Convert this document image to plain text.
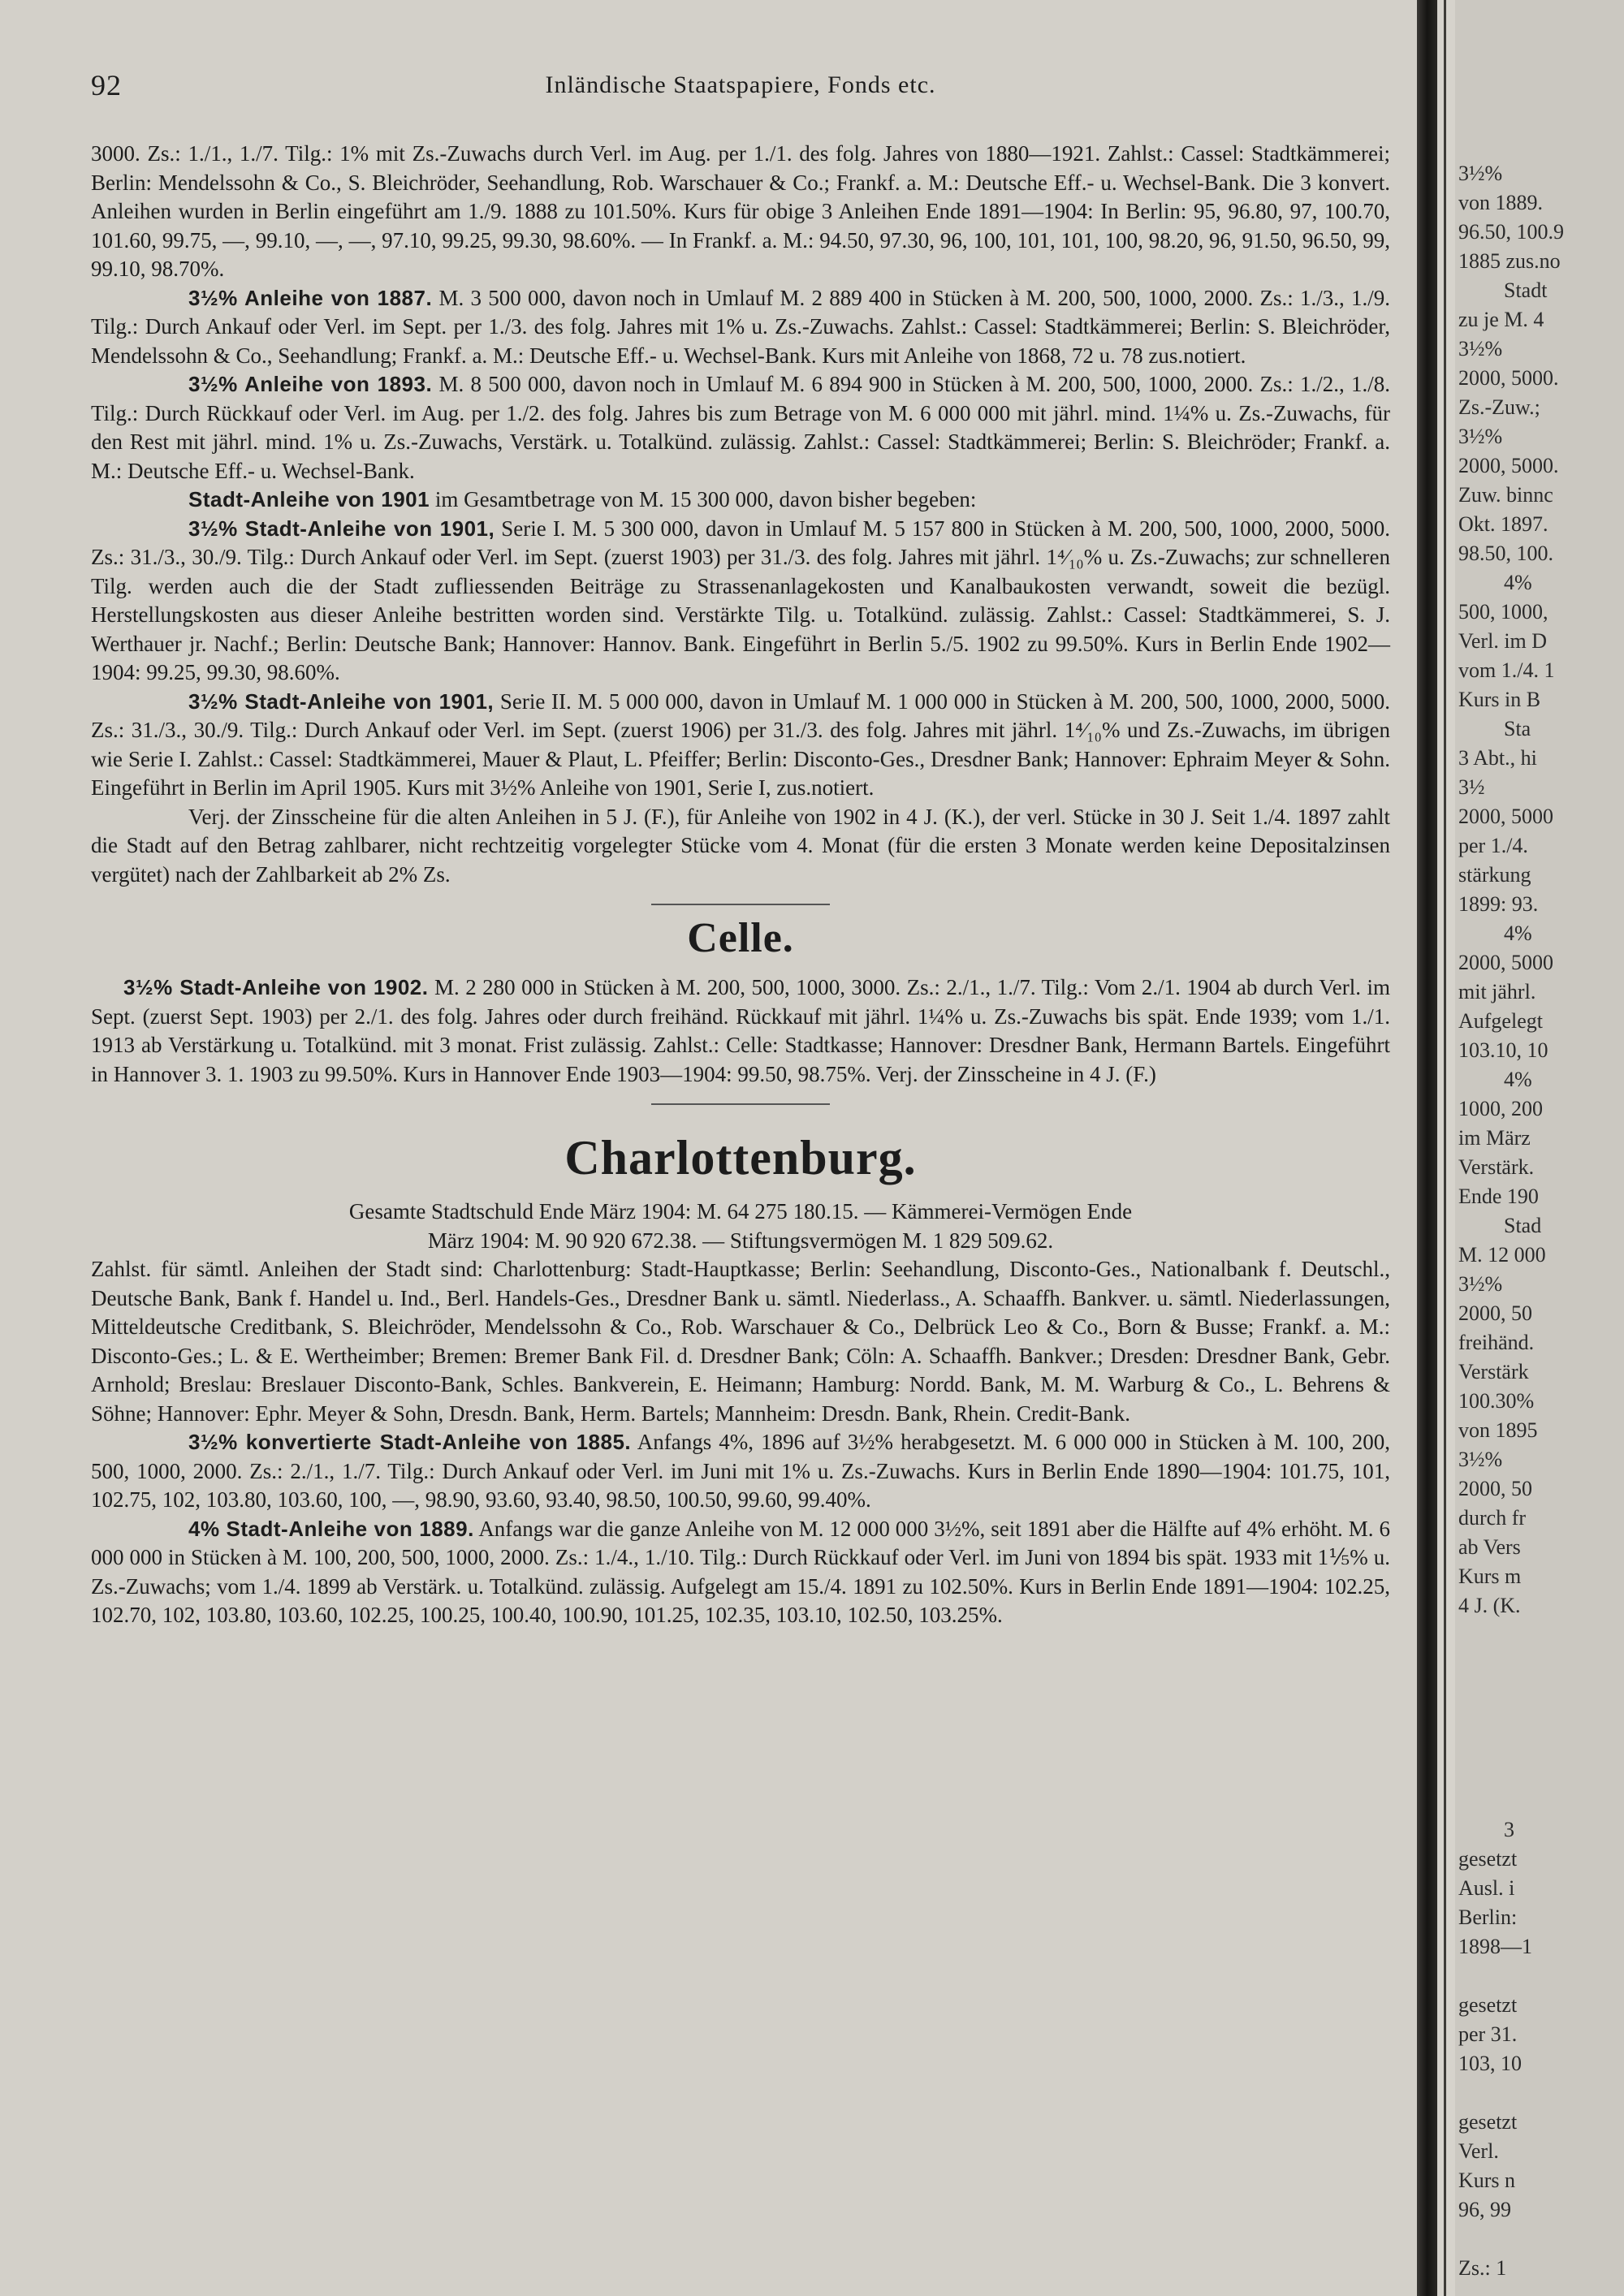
92	Inländische Staatspapiere, Fonds etc.

3000. Zs.: 1./1., 1./7. Tilg.: 1% mit Zs.-Zuwachs durch Verl. im Aug. per 1./1. des folg. Jahres von 1880—1921. Zahlst.: Cassel: Stadtkämmerei; Berlin: Mendelssohn & Co., S. Bleichröder, Seehandlung, Rob. Warschauer & Co.; Frankf. a. M.: Deutsche Eff.- u. Wechsel-Bank. Die 3 konvert. Anleihen wurden in Berlin eingeführt am 1./9. 1888 zu 101.50%. Kurs für obige 3 Anleihen Ende 1891—1904: In Berlin: 95, 96.80, 97, 100.70, 101.60, 99.75, —, 99.10, —, —, 97.10, 99.25, 99.30, 98.60%. — In Frankf. a. M.: 94.50, 97.30, 96, 100, 101, 101, 100, 98.20, 96, 91.50, 96.50, 99, 99.10, 98.70%.

3½% Anleihe von 1887. M. 3 500 000, davon noch in Umlauf M. 2 889 400 in Stücken à M. 200, 500, 1000, 2000. Zs.: 1./3., 1./9. Tilg.: Durch Ankauf oder Verl. im Sept. per 1./3. des folg. Jahres mit 1% u. Zs.-Zuwachs. Zahlst.: Cassel: Stadtkämmerei; Berlin: S. Bleichröder, Mendelssohn & Co., Seehandlung; Frankf. a. M.: Deutsche Eff.- u. Wechsel-Bank. Kurs mit Anleihe von 1868, 72 u. 78 zus.notiert.

3½% Anleihe von 1893. M. 8 500 000, davon noch in Umlauf M. 6 894 900 in Stücken à M. 200, 500, 1000, 2000. Zs.: 1./2., 1./8. Tilg.: Durch Rückkauf oder Verl. im Aug. per 1./2. des folg. Jahres bis zum Betrage von M. 6 000 000 mit jährl. mind. 1¼% u. Zs.-Zuwachs, für den Rest mit jährl. mind. 1% u. Zs.-Zuwachs, Verstärk. u. Totalkünd. zulässig. Zahlst.: Cassel: Stadtkämmerei; Berlin: S. Bleichröder; Frankf. a. M.: Deutsche Eff.- u. Wechsel-Bank.

Stadt-Anleihe von 1901 im Gesamtbetrage von M. 15 300 000, davon bisher begeben:

3½% Stadt-Anleihe von 1901, Serie I. M. 5 300 000, davon in Umlauf M. 5 157 800 in Stücken à M. 200, 500, 1000, 2000, 5000. Zs.: 31./3., 30./9. Tilg.: Durch Ankauf oder Verl. im Sept. (zuerst 1903) per 31./3. des folg. Jahres mit jährl. 1⁴⁄₁₀% u. Zs.-Zuwachs; zur schnelleren Tilg. werden auch die der Stadt zufliessenden Beiträge zu Strassenanlagekosten und Kanalbaukosten verwandt, soweit die bezügl. Herstellungskosten aus dieser Anleihe bestritten worden sind. Verstärkte Tilg. u. Totalkünd. zulässig. Zahlst.: Cassel: Stadtkämmerei, S. J. Werthauer jr. Nachf.; Berlin: Deutsche Bank; Hannover: Hannov. Bank. Eingeführt in Berlin 5./5. 1902 zu 99.50%. Kurs in Berlin Ende 1902—1904: 99.25, 99.30, 98.60%.

3½% Stadt-Anleihe von 1901, Serie II. M. 5 000 000, davon in Umlauf M. 1 000 000 in Stücken à M. 200, 500, 1000, 2000, 5000. Zs.: 31./3., 30./9. Tilg.: Durch Ankauf oder Verl. im Sept. (zuerst 1906) per 31./3. des folg. Jahres mit jährl. 1⁴⁄₁₀% und Zs.-Zuwachs, im übrigen wie Serie I. Zahlst.: Cassel: Stadtkämmerei, Mauer & Plaut, L. Pfeiffer; Berlin: Disconto-Ges., Dresdner Bank; Hannover: Ephraim Meyer & Sohn. Eingeführt in Berlin im April 1905. Kurs mit 3½% Anleihe von 1901, Serie I, zus.notiert.

Verj. der Zinsscheine für die alten Anleihen in 5 J. (F.), für Anleihe von 1902 in 4 J. (K.), der verl. Stücke in 30 J. Seit 1./4. 1897 zahlt die Stadt auf den Betrag zahlbarer, nicht rechtzeitig vorgelegter Stücke vom 4. Monat (für die ersten 3 Monate werden keine Depositalzinsen vergütet) nach der Zahlbarkeit ab 2% Zs.

Celle.

3½% Stadt-Anleihe von 1902. M. 2 280 000 in Stücken à M. 200, 500, 1000, 3000. Zs.: 2./1., 1./7. Tilg.: Vom 2./1. 1904 ab durch Verl. im Sept. (zuerst Sept. 1903) per 2./1. des folg. Jahres oder durch freihänd. Rückkauf mit jährl. 1¼% u. Zs.-Zuwachs bis spät. Ende 1939; vom 1./1. 1913 ab Verstärkung u. Totalkünd. mit 3 monat. Frist zulässig. Zahlst.: Celle: Stadtkasse; Hannover: Dresdner Bank, Hermann Bartels. Eingeführt in Hannover 3. 1. 1903 zu 99.50%. Kurs in Hannover Ende 1903—1904: 99.50, 98.75%. Verj. der Zinsscheine in 4 J. (F.)

Charlottenburg.

Gesamte Stadtschuld Ende März 1904: M. 64 275 180.15. — Kämmerei-Vermögen Ende

März 1904: M. 90 920 672.38. — Stiftungsvermögen M. 1 829 509.62.

Zahlst. für sämtl. Anleihen der Stadt sind: Charlottenburg: Stadt-Hauptkasse; Berlin: Seehandlung, Disconto-Ges., Nationalbank f. Deutschl., Deutsche Bank, Bank f. Handel u. Ind., Berl. Handels-Ges., Dresdner Bank u. sämtl. Niederlass., A. Schaaffh. Bankver. u. sämtl. Niederlassungen, Mitteldeutsche Creditbank, S. Bleichröder, Mendelssohn & Co., Rob. Warschauer & Co., Delbrück Leo & Co., Born & Busse; Frankf. a. M.: Disconto-Ges.; L. & E. Wertheimber; Bremen: Bremer Bank Fil. d. Dresdner Bank; Cöln: A. Schaaffh. Bankver.; Dresden: Dresdner Bank, Gebr. Arnhold; Breslau: Breslauer Disconto-Bank, Schles. Bankverein, E. Heimann; Hamburg: Nordd. Bank, M. M. Warburg & Co., L. Behrens & Söhne; Hannover: Ephr. Meyer & Sohn, Dresdn. Bank, Herm. Bartels; Mannheim: Dresdn. Bank, Rhein. Credit-Bank.

3½% konvertierte Stadt-Anleihe von 1885. Anfangs 4%, 1896 auf 3½% herabgesetzt. M. 6 000 000 in Stücken à M. 100, 200, 500, 1000, 2000. Zs.: 2./1., 1./7. Tilg.: Durch Ankauf oder Verl. im Juni mit 1% u. Zs.-Zuwachs. Kurs in Berlin Ende 1890—1904: 101.75, 101, 102.75, 102, 103.80, 103.60, 100, —, 98.90, 93.60, 93.40, 98.50, 100.50, 99.60, 99.40%.

4% Stadt-Anleihe von 1889. Anfangs war die ganze Anleihe von M. 12 000 000 3½%, seit 1891 aber die Hälfte auf 4% erhöht. M. 6 000 000 in Stücken à M. 100, 200, 500, 1000, 2000. Zs.: 1./4., 1./10. Tilg.: Durch Rückkauf oder Verl. im Juni von 1894 bis spät. 1933 mit 1⅕% u. Zs.-Zuwachs; vom 1./4. 1899 ab Verstärk. u. Totalkünd. zulässig. Aufgelegt am 15./4. 1891 zu 102.50%. Kurs in Berlin Ende 1891—1904: 102.25, 102.70, 102, 103.80, 103.60, 102.25, 100.25, 100.40, 100.90, 101.25, 102.35, 103.10, 102.50, 103.25%.

3½%
von 1889.
96.50, 100.9
1885 zus.no
Stadt
zu je M. 4
3½%
2000, 5000.
Zs.-Zuw.;
3½%
2000, 5000.
Zuw. binnc
Okt. 1897.
98.50, 100.
4%
500, 1000,
Verl. im D
vom 1./4. 1
Kurs in B
Sta
3 Abt., hi
3½
2000, 5000
per 1./4.
stärkung
1899: 93.
4%
2000, 5000
mit jährl.
Aufgelegt
103.10, 10
4%
1000, 200
im März
Verstärk.
Ende 190
Stad
M. 12 000
3½%
2000, 50
freihänd.
Verstärk
100.30%
von 1895
3½%
2000, 50
durch fr
ab Vers
Kurs m
4 J. (K.
3
gesetzt
Ausl. i
Berlin:
1898—1
gesetzt
per 31.
103, 10
gesetzt
Verl.
Kurs n
96, 99
Zs.: 1
